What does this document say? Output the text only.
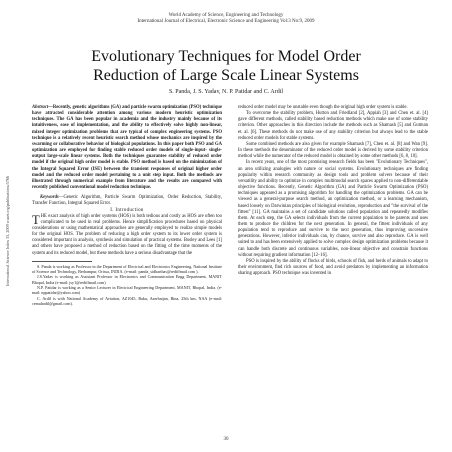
World Academy of Science, Engineering and Technology
International Journal of Electrical, Electronic Science and Engineering Vol:3 No:9, 2009
Evolutionary Techniques for Model Order
Reduction of Large Scale Linear Systems
S. Panda, J. S. Yadav, N. P. Patidar and C. Ardil
International Science Index 33, 2009 waset.org/publications/5766

Abstract—Recently, genetic algorithms (GA) and particle swarm optimization (PSO) technique have attracted considerable attention among various modern heuristic optimization techniques. The GA has been popular in academia and the industry mainly because of its intuitiveness, ease of implementation, and the ability to effectively solve highly non-linear, mixed integer optimization problems that are typical of complex engineering systems. PSO technique is a relatively recent heuristic search method whose mechanics are inspired by the swarming or collaborative behavior of biological populations. In this paper both PSO and GA optimization are employed for finding stable reduced order models of single-input- single-output large-scale linear systems. Both the techniques guarantee stability of reduced order model if the original high order model is stable. PSO method is based on the minimization of the Integral Squared Error (ISE) between the transient responses of original higher order model and the reduced order model pertaining to a unit step input. Both the methods are illustrated through numerical example from literature and the results are compared with recently published conventional model reduction technique.

Keywords—Genetic Algorithm, Particle Swarm Optimization, Order Reduction, Stability, Transfer Function, Integral Squared Error.

I. Introduction

THE exact analysis of high order systems (HOS) is both tedious and costly as HOS are often too complicated to be used in real problems. Hence simplification procedures based on physical considerations or using mathematical approaches are generally employed to realize simple models for the original HOS. The problem of reducing a high order system to its lower order system is considered important in analysis, synthesis and simulation of practical systems. Bosley and Lees [1] and others have proposed a method of reduction based on the fitting of the time moments of the system and its reduced model, but these methods have a serious disadvantage that the

S. Panda is working as Professor in the Department of Electrical and Electronics Engineering, National Institute of Science and Technology, Berhampur, Orissa, INDIA. (e-mail: panda_sidharthas@rediffmail.com ).

J.S.Yadav is working as Assistant Professor in Electronics and Communication Engg Department, MANIT Bhopal, India (e-mail: jsy1@rediffmail.com)

N.P. Patidar is working as a Senior Lecturer in Electrical Engineering Department, MANIT, Bhopal, India. (e-mail: nppatidar@yahoo.com)

C. Ardil is with National Academy of Aviation, AZ1045, Baku, Azerbaijan, Bina, 25th km, NAA (e-mail: cemalardil@gmail.com).

reduced order model may be unstable even though the original high order system is stable.

To overcome the stability problem, Hutton and Friedland [2], Appiah [3] and Chen et. al. [4] gave different methods, called stability based reduction methods which make use of some stability criterion. Other approaches in this direction include the methods such as Shamash [5] and Gutman et. al. [6]. These methods do not make use of any stability criterion but always lead to the stable reduced order models for stable systems.

Some combined methods are also given for example Shamash [7], Chen et. al. [8] and Wan [9]. In these methods the denominator of the reduced order model is derived by some stability criterion method while the numerator of the reduced model is obtained by some other methods [6, 8, 10].

In recent years, one of the most promising research fields has been "Evolutionary Techniques", an area utilizing analogies with nature or social systems. Evolutionary techniques are finding popularity within research community as design tools and problem solvers because of their versatility and ability to optimize in complex multimodal search spaces applied to non-differentiable objective functions. Recently, Genetic Algorithm (GA) and Particle Swarm Optimization (PSO) techniques appeared as a promising algorithm for handling the optimization problems. GA can be viewed as a general-purpose search method, an optimization method, or a learning mechanism, based loosely on Darwinian principles of biological evolution, reproduction and "the survival of the fittest" [11]. GA maintains a set of candidate solutions called population and repeatedly modifies them. At each step, the GA selects individuals from the current population to be parents and uses them to produce the children for the next generation. In general, the fittest individuals of any population tend to reproduce and survive to the next generation, thus improving successive generations. However, inferior individuals can, by chance, survive and also reproduce. GA is well suited to and has been extensively applied to solve complex design optimization problems because it can handle both discrete and continuous variables, non-linear objective and constrain functions without requiring gradient information [12–16].

PSO is inspired by the ability of flocks of birds, schools of fish, and herds of animals to adapt to their environment, find rich sources of food, and avoid predators by implementing an information sharing approach. PSO technique was invented in

30
